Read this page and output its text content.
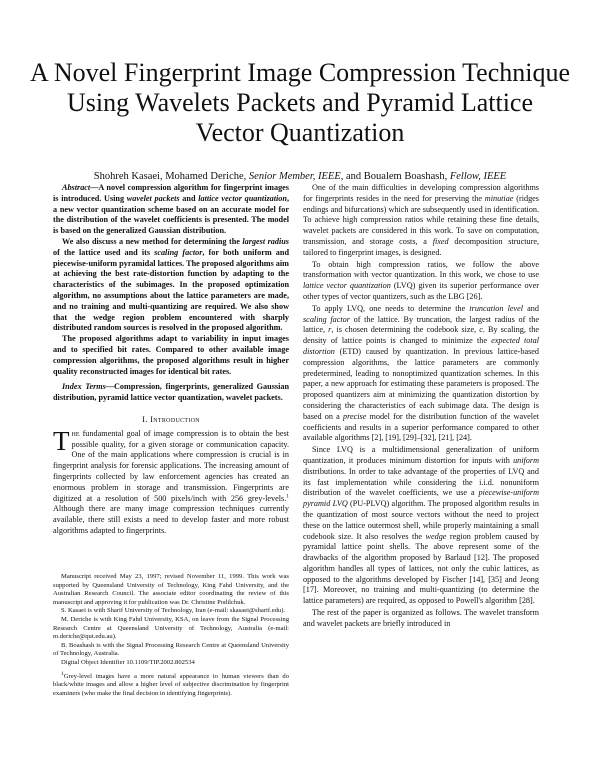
A Novel Fingerprint Image Compression Technique
Using Wavelets Packets and Pyramid Lattice
Vector Quantization
Shohreh Kasaei, Mohamed Deriche, Senior Member, IEEE, and Boualem Boashash, Fellow, IEEE

Abstract—A novel compression algorithm for fingerprint images is introduced. Using wavelet packets and lattice vector quantization, a new vector quantization scheme based on an accurate model for the distribution of the wavelet coefficients is presented. The model is based on the generalized Gaussian distribution.

We also discuss a new method for determining the largest radius of the lattice used and its scaling factor, for both uniform and piecewise-uniform pyramidal lattices. The proposed algorithms aim at achieving the best rate-distortion function by adapting to the characteristics of the subimages. In the proposed optimization algorithm, no assumptions about the lattice parameters are made, and no training and multi-quantizing are required. We also show that the wedge region problem encountered with sharply distributed random sources is resolved in the proposed algorithm.

The proposed algorithms adapt to variability in input images and to specified bit rates. Compared to other available image compression algorithms, the proposed algorithms result in higher quality reconstructed images for identical bit rates.

Index Terms—Compression, fingerprints, generalized Gaussian distribution, pyramid lattice vector quantization, wavelet packets.

I. Introduction

The fundamental goal of image compression is to obtain the best possible quality, for a given storage or communication capacity. One of the main applications where compression is crucial is in fingerprint analysis for forensic applications. The increasing amount of fingerprints collected by law enforcement agencies has created an enormous problem in storage and transmission. Fingerprints are digitized at a resolution of 500 pixels/inch with 256 grey-levels.$^1$ Although there are many image compression techniques currently available, there still exists a need to develop faster and more robust algorithms adapted to fingerprints.

Manuscript received May 23, 1997; revised November 11, 1999. This work was supported by Queensland University of Technology, King Fahd University, and the Australian Research Council. The associate editor coordinating the review of this manuscript and approving it for publication was Dr. Christine Podilchuk.

S. Kasaei is with Sharif University of Technology, Iran (e-mail: skasaei@sharif.edu).

M. Deriche is with King Fahd University, KSA, on leave from the Signal Processing Research Centre at Queensland University of Technology, Australia (e-mail: m.deriche@qut.edu.au).

B. Boashash is with the Signal Processing Research Centre at Queensland University of Technology, Australia.

Digital Object Identifier 10.1109/TIP.2002.802534

$^1$Grey-level images have a more natural appearance to human viewers than do black/white images and allow a higher level of subjective discrimination by fingerprint examiners (who make the final decision in identifying fingerprints).

One of the main difficulties in developing compression algorithms for fingerprints resides in the need for preserving the minutiae (ridges endings and bifurcations) which are subsequently used in identification. To achieve high compression ratios while retaining these fine details, wavelet packets are considered in this work. To save on computation, transmission, and storage costs, a fixed decomposition structure, tailored to fingerprint images, is designed.

To obtain high compression ratios, we follow the above transformation with vector quantization. In this work, we chose to use lattice vector quantization (LVQ) given its superior performance over other types of vector quantizers, such as the LBG [26].

To apply LVQ, one needs to determine the truncation level and scaling factor of the lattice. By truncation, the largest radius of the lattice, r, is chosen determining the codebook size, c. By scaling, the density of lattice points is changed to minimize the expected total distortion (ETD) caused by quantization. In previous lattice-based compression algorithms, the lattice parameters are commonly predetermined, leading to nonoptimized quantization schemes. In this paper, a new approach for estimating these parameters is proposed. The proposed quantizers aim at minimizing the quantization distortion by considering the characteristics of each subimage data. The design is based on a precise model for the distribution function of the wavelet coefficients and results in a superior performance compared to other available algorithms [2], [19], [29]–[32], [21], [24].

Since LVQ is a multidimensional generalization of uniform quantization, it produces minimum distortion for inputs with uniform distributions. In order to take advantage of the properties of LVQ and its fast implementation while considering the i.i.d. nonuniform distribution of the wavelet coefficients, we use a piecewise-uniform pyramid LVQ (PU-PLVQ) algorithm. The proposed algorithm results in the quantization of most source vectors without the need to project these on the lattice outermost shell, while properly maintaining a small codebook size. It also resolves the wedge region problem caused by pyramidal lattice point shells. The above represent some of the drawbacks of the algorithm proposed by Barlaud [12]. The proposed algorithm handles all types of lattices, not only the cubic lattices, as opposed to the algorithms developed by Fischer [14], [35] and Jeong [17]. Moreover, no training and multi-quantizing (to determine the lattice parameters) are required, as opposed to Powell's algorithm [28].

The rest of the paper is organized as follows. The wavelet transform and wavelet packets are briefly introduced in
